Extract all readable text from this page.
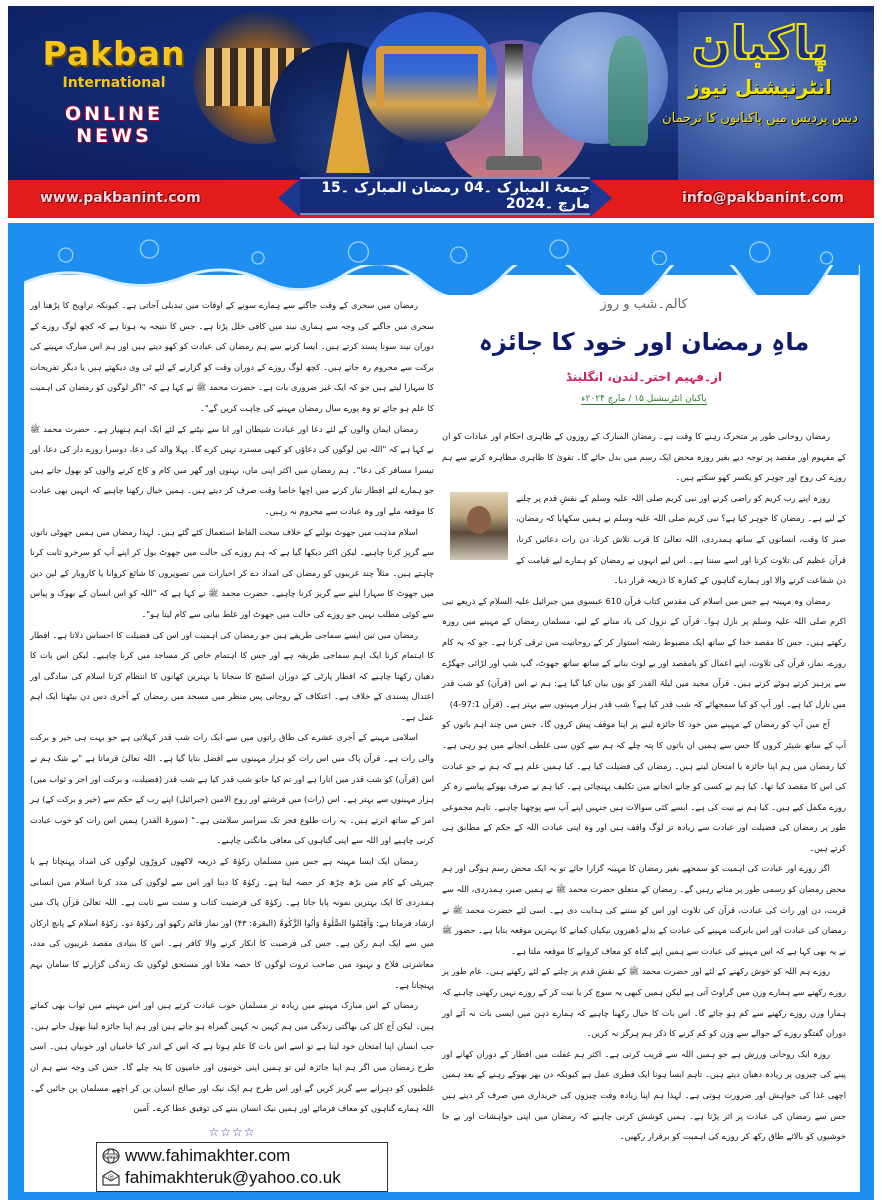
Pakban
International
ONLINE NEWS
پاکبان
انٹرنیشنل نیوز
دیس پردیس میں پاکبانوں کا ترجمان
www.pakbanint.com	info@pakbanint.com
جمعۃ المبارک ۔04 رمضان المبارک ۔15 مارچ ۔2024
کالم۔شب و روز
ماہِ رمضان اور خود کا جائزہ
از۔فہیم اختر۔لندن، انگلینڈ
پاکبان انٹرنیشنل ۱۵ / مارچ ۲۰۲۴ء

رمضان روحانی طور پر متحرک رہنے کا وقت ہے۔ رمضان المبارک کے روزوں کے ظاہری احکام اور عبادات کو ان کے مفہوم اور مقصد پر توجہ دیے بغیر روزہ محض ایک رسم میں بدل جائے گا۔ تقویٰ کا ظاہری مظاہرہ کرنے سے ہم روزے کی روح اور جوہر کو یکسر کھو سکتے ہیں۔

روزہ اپنے رب کریم کو راضی کرنے اور نبی کریم صلی اللہ علیہ وسلم کے نقشِ قدم پر چلنے کے لیے ہے۔ رمضان کا جوہر کیا ہے؟ نبی کریم صلی اللہ علیہ وسلم نے ہمیں سکھایا کہ رمضان، صبر کا وقت، انسانوں کے ساتھ ہمدردی، اللہ تعالیٰ کا قرب تلاش کرنا، دن رات دعائیں کرنا، قرآن عظیم کی تلاوت کرنا اور اسے سننا ہے۔ اس لیے انہوں نے رمضان کو ہمارے لیے قیامت کے دن شفاعت کرنے والا اور ہمارے گناہوں کے کفارہ کا ذریعہ قرار دیا۔

رمضان وہ مہینہ ہے جس میں اسلام کی مقدس کتاب قرآن 610 عیسوی میں جبرائیل علیہ السلام کے ذریعے نبی اکرم صلی اللہ علیہ وسلم پر نازل ہوا۔ قرآن کے نزول کی یاد منانے کے لیے، مسلمان رمضان کے مہینے میں روزہ رکھتے ہیں۔ جس کا مقصد خدا کے ساتھ ایک مضبوط رشتہ استوار کر کے روحانیت میں ترقی کرنا ہے۔ جو کہ یہ کام روزے، نماز، قرآن کی تلاوت، اپنے اعمال کو بامقصد اور بے لوث بنانے کے ساتھ ساتھ جھوٹ، گپ شپ اور لڑائی جھگڑے سے پرہیز کرتے ہوئے کرتے ہیں۔ قرآن مجید میں لیلۃ القدر کو یوں بیان کیا گیا ہے: ہم نے اس (قرآن) کو شب قدر میں نازل کیا ہے۔ اور آپ کو کیا سمجھائے کہ شب قدر کیا ہے؟ شب قدر ہزار مہینوں سے بہتر ہے۔ (قرآن 97:1-4)

آج میں آپ کو رمضان کے مہینے میں خود کا جائزہ لینے پر اپنا موقف پیش کروں گا۔ جس میں چند اہم باتوں کو آپ کے ساتھ شیئر کروں گا جس سے ہمیں ان باتوں کا پتہ چلے کہ ہم سے کون سی غلطی انجانے میں ہو رہی ہے۔ کیا رمضان میں ہم اپنا جائزہ یا امتحان لیتے ہیں۔ رمضان کی فضیلت کیا ہے۔ کیا ہمیں علم ہے کہ ہم نے جو عبادت کی اس کا مقصد کیا تھا۔ کیا ہم نے کسی کو جانے انجانے میں تکلیف پہنچائی ہے۔ کیا ہم نے صرف بھوکے پیاسے رہ کر روزے مکمل کیے ہیں۔ کیا ہم نے نیت کی ہے۔ ایسے کئی سوالات ہیں جنہیں اپنے آپ سے پوچھنا چاہیے۔ تاہم مجموعی طور پر رمضان کی فضیلت اور عبادت سے زیادہ تر لوگ واقف ہیں اور وہ اپنی عبادت اللہ کے حکم کے مطابق ہی کرتے ہیں۔

اگر روزے اور عبادت کی اہمیت کو سمجھے بغیر رمضان کا مہینہ گزارا جائے تو یہ ایک محض رسم ہوگی اور ہم محض رمضان کو رسمی طور پر مناتے رہیں گے۔ رمضان کے متعلق حضرت محمد ﷺ نے ہمیں صبر، ہمدردی، اللہ سے قربت، دن اور رات کی عبادت، قرآن کی تلاوت اور اس کو سننے کی ہدایت دی ہے۔ اسی لئے حضرت محمد ﷺ نے رمضان کی عبادت اور اس بابرکت مہینے کی عبادت کے بدلے ڈھیروں نیکیاں کمانے کا بہترین موقعہ بتایا ہے۔ حضور ﷺ نے یہ بھی کہا ہے کہ اس مہینے کی عبادت سے ہمیں اپنے گناہ کو معاف کروانے کا موقعہ ملتا ہے۔

روزے ہم اللہ کو خوش رکھنے کے لئے اور حضرت محمد ﷺ کے نقشِ قدم پر چلنے کے لئے رکھتے ہیں۔ عام طور پر روزے رکھنے سے ہمارے وزن میں گراوٹ آتی ہے لیکن ہمیں کبھی یہ سوچ کر یا نیت کر کے روزے نہیں رکھنی چاہیے کہ ہمارا وزن روزے رکھنے سے کم ہو جائے گا۔ اس بات کا خیال رکھنا چاہیے کہ ہمارے ذہن میں ایسی بات نہ آئے اور دوران گفتگو روزے کے حوالے سے وزن کو کم کرنے کا ذکر ہم ہرگز نہ کریں۔

روزہ ایک روحانی ورزش ہے جو ہمیں اللہ سے قریب کرتی ہے۔ اکثر ہم غفلت میں افطار کے دوران کھانے اور پینے کی چیزوں پر زیادہ دھیان دیتے ہیں۔ تاہم ایسا ہونا ایک فطری عمل ہے کیونکہ دن بھر بھوکے رہنے کے بعد ہمیں اچھی غذا کی خواہش اور ضرورت ہوتی ہے۔ لہذا ہم اپنا زیادہ وقت چیزوں کی خریداری میں صرف کر دیتے ہیں جس سے رمضان کی عبادت پر اثر پڑتا ہے۔ ہمیں کوشش کرنی چاہیے کہ رمضان میں اپنی خواہشات اور بے جا خوشیوں کو بالائے طاق رکھ کر روزے کی اہمیت کو برقرار رکھیں۔

رمضان میں سحری کے وقت جاگنے سے ہمارے سونے کے اوقات میں تبدیلی آجاتی ہے۔ کیونکہ تراویح کا پڑھنا اور سحری میں جاگنے کی وجہ سے ہماری نیند میں کافی خلل پڑتا ہے۔ جس کا نتیجہ یہ ہوتا ہے کہ کچھ لوگ روزے کے دوران نیند سونا پسند کرتے ہیں۔ ایسا کرنے سے ہم رمضان کی عبادت کو کھو دیتے ہیں اور ہم اس مبارک مہینے کی برکت سے محروم رہ جاتے ہیں۔ کچھ لوگ روزے کے دوران وقت کو گزارنے کے لئے ٹی وی دیکھتے ہیں یا دیگر تفریحات کا سہارا لیتے ہیں جو کہ ایک غیر ضروری بات ہے۔ حضرت محمد ﷺ نے کہا ہے کہ "اگر لوگوں کو رمضان کی اہمیت کا علم ہو جائے تو وہ پورے سال رمضان مہینے کی چاہت کریں گے"۔

رمضان ایمان والوں کے لئے دعا اور عبادت شیطان اور انا سے نپٹنے کے لئے ایک اہم ہتھیار ہے۔ حضرت محمد ﷺ نے کہا ہے کہ "اللہ تین لوگوں کی دعاؤں کو کبھی مسترد نہیں کرے گا۔ پہلا والد کی دعا، دوسرا روزے دار کی دعا، اور تیسرا مسافر کی دعا"۔ ہم رمضان میں اکثر اپنی ماں، بہنوں اور گھر میں کام و کاج کرنے والوں کو بھول جاتے ہیں جو ہمارے لئے افطار تیار کرنے میں اچھا خاصا وقت صرف کر دیتے ہیں۔ ہمیں خیال رکھنا چاہیے کہ انہیں بھی عبادت کا موقعہ ملے اور وہ عبادت سے محروم نہ رہیں۔

اسلام مذہب میں جھوٹ بولنے کے خلاف سخت الفاظ استعمال کئے گئے ہیں۔ لہذا رمضان میں ہمیں جھوٹی باتوں سے گریز کرنا چاہیے۔ لیکن اکثر دیکھا گیا ہے کہ ہم روزے کی حالت میں جھوٹ بول کر اپنے آپ کو سرخرو ثابت کرنا چاہتے ہیں۔ مثلاً چند غریبوں کو رمضان کی امداد دے کر اخبارات میں تصویروں کا شائع کروانا یا کاروبار کے لین دین میں جھوٹ کا سہارا لینے سے گریز کرنا چاہیے۔ حضرت محمد ﷺ نے کہا ہے کہ "اللہ کو اس انسان کے بھوک و پیاس سے کوئی مطلب نہیں جو روزے کی حالت میں جھوٹ اور غلط بیانی سے کام لیتا ہو"۔

رمضان میں تین ایسے سماجی طریقے ہیں جو رمضان کی اہمیت اور اس کی فضیلت کا احساس دلاتا ہے۔ افطار کا اہتمام کرنا ایک اہم سماجی طریقہ ہے اور جس کا اہتمام خاص کر مساجد میں کرنا چاہیے۔ لیکن اس بات کا دھیان رکھنا چاہیے کہ افطار پارٹی کے دوران اسٹیج کا سجانا یا بہترین کھانوں کا انتظام کرنا اسلام کی سادگی اور اعتدال پسندی کے خلاف ہے۔ اعتکاف کے روحانی پس منظر میں مسجد میں رمضان کے آخری دس دن بیٹھنا ایک اہم عمل ہے۔

اسلامی مہینے کے آخری عشرے کی طاق راتوں میں سے ایک رات شب قدر کہلاتی ہے جو بہت ہی خیر و برکت والی رات ہے۔ قرآن پاک میں اس رات کو ہزار مہینوں سے افضل بتایا گیا ہے۔ اللہ تعالیٰ فرماتا ہے "بے شک ہم نے اس (قرآن) کو شب قدر میں اتارا ہے اور تم کیا جانو شب قدر کیا ہے شب قدر (فضیلت، و برکت اور اجر و ثواب میں) ہزار مہینوں سے بہتر ہے۔ اس (رات) میں فرشتے اور روح الامین (جبرائیل) اپنے رب کے حکم سے (خیر و برکت کے) ہر امر کے ساتھ اترتے ہیں۔ یہ رات طلوع فجر تک سراسر سلامتی ہے۔" (سورۃ القدر) ہمیں اس رات کو خوب عبادت کرنی چاہیے اور اللہ سے اپنی گناہوں کی معافی مانگنی چاہیے۔

رمضان ایک ایسا مہینہ ہے جس میں مسلمان زکوٰۃ کے ذریعہ لاکھوں کروڑوں لوگوں کی امداد پہنچاتا ہے یا چیریٹی کے کام میں بڑھ چڑھ کر حصہ لیتا ہے۔ زکوٰۃ کا دینا اور اس سے لوگوں کی مدد کرنا اسلام میں انسانی ہمدردی کا ایک بہترین نمونہ پایا جاتا ہے۔ زکوٰۃ کی فرضیت کتاب و سنت سے ثابت ہے۔ اللہ تعالیٰ قرآن پاک میں ارشاد فرماتا ہے: وَاَقِیْمُوا الصَّلٰوۃَ وَاٰتُوا الزَّکٰوۃَ (البقرۃ: ۴۳) اور نماز قائم رکھو اور زکوٰۃ دو۔ زکوٰۃ اسلام کے پانچ ارکان میں سے ایک اہم رکن ہے۔ جس کی فرضیت کا انکار کرنے والا کافر ہے۔ اس کا بنیادی مقصد غریبوں کی مدد، معاشرتی فلاح و بہبود میں صاحب ثروت لوگوں کا حصہ ملانا اور مستحق لوگوں تک زندگی گزارنے کا سامان بہم پہنچانا ہے۔

رمضان کے اس مبارک مہینے میں زیادہ تر مسلمان خوب عبادت کرتے ہیں اور اس مہینے میں ثواب بھی کماتے ہیں۔ لیکن آج کل کی بھاگتی زندگی میں ہم کہیں نہ کہیں گمراہ ہو جاتے ہیں اور ہم اپنا جائزہ لینا بھول جاتے ہیں۔ جب انسان اپنا امتحان خود لیتا ہے تو اسے اس بات کا علم ہوتا ہے کہ اس کے اندر کیا خامیاں اور خوبیاں ہیں۔ اسی طرح رمضان میں اگر ہم اپنا جائزہ لیں تو ہمیں اپنی خوبیوں اور خامیوں کا پتہ چلے گا۔ جس کی وجہ سے ہم ان غلطیوں کو دہرانے سے گریز کریں گے اور اس طرح ہم ایک نیک اور صالح انسان بن کر اچھے مسلمان بن جائیں گے۔ اللہ ہمارے گناہوں کو معاف فرمائے اور ہمیں نیک انسان بننے کی توفیق عطا کرے۔ آمین

☆☆☆☆
www www.fahimakhter.com
@ fahimakhteruk@yahoo.co.uk
